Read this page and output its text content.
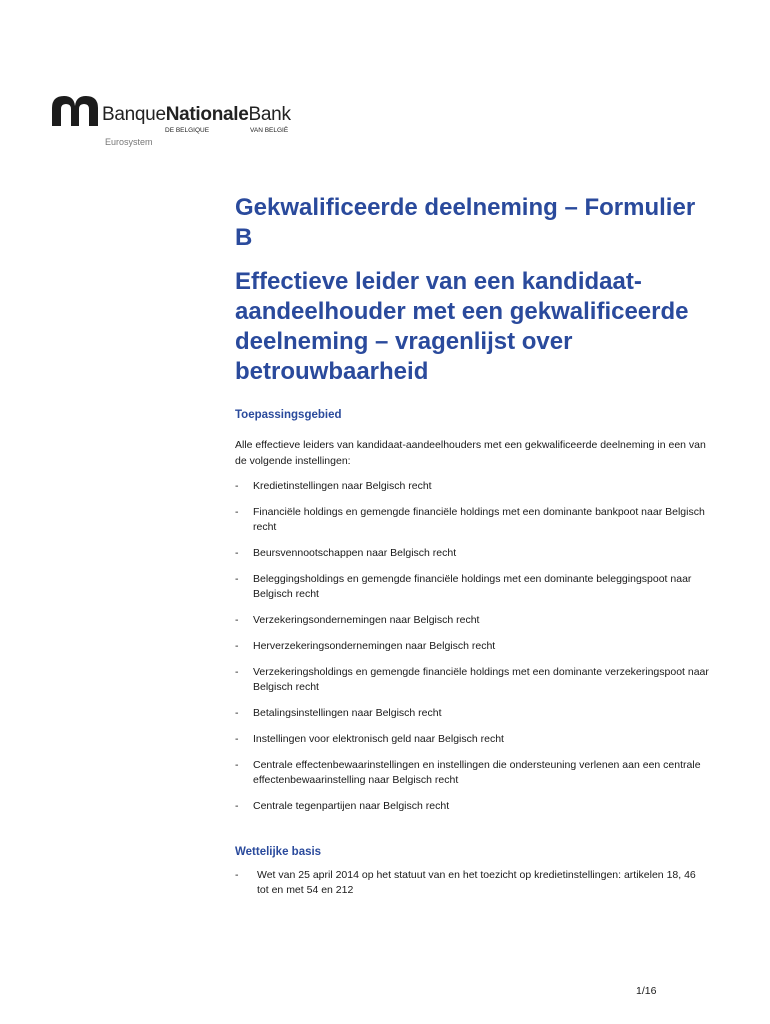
BanqueNationaleBank
DE BELGIQUE	VAN BELGIË
Eurosystem
Gekwalificeerde deelneming – Formulier B
Effectieve leider van een kandidaat-aandeelhouder met een gekwalificeerde deelneming – vragenlijst over betrouwbaarheid
Toepassingsgebied

Alle effectieve leiders van kandidaat-aandeelhouders met een gekwalificeerde deelneming in een van de volgende instellingen:

- Kredietinstellingen naar Belgisch recht
- Financiële holdings en gemengde financiële holdings met een dominante bankpoot naar Belgisch recht
- Beursvennootschappen naar Belgisch recht
- Beleggingsholdings en gemengde financiële holdings met een dominante beleggingspoot naar Belgisch recht
- Verzekeringsondernemingen naar Belgisch recht
- Herverzekeringsondernemingen naar Belgisch recht
- Verzekeringsholdings en gemengde financiële holdings met een dominante verzekeringspoot naar Belgisch recht
- Betalingsinstellingen naar Belgisch recht
- Instellingen voor elektronisch geld naar Belgisch recht
- Centrale effectenbewaarinstellingen en instellingen die ondersteuning verlenen aan een centrale effectenbewaarinstelling naar Belgisch recht
- Centrale tegenpartijen naar Belgisch recht
Wettelijke basis
- Wet van 25 april 2014 op het statuut van en het toezicht op kredietinstellingen: artikelen 18, 46 tot en met 54 en 212
1/16
